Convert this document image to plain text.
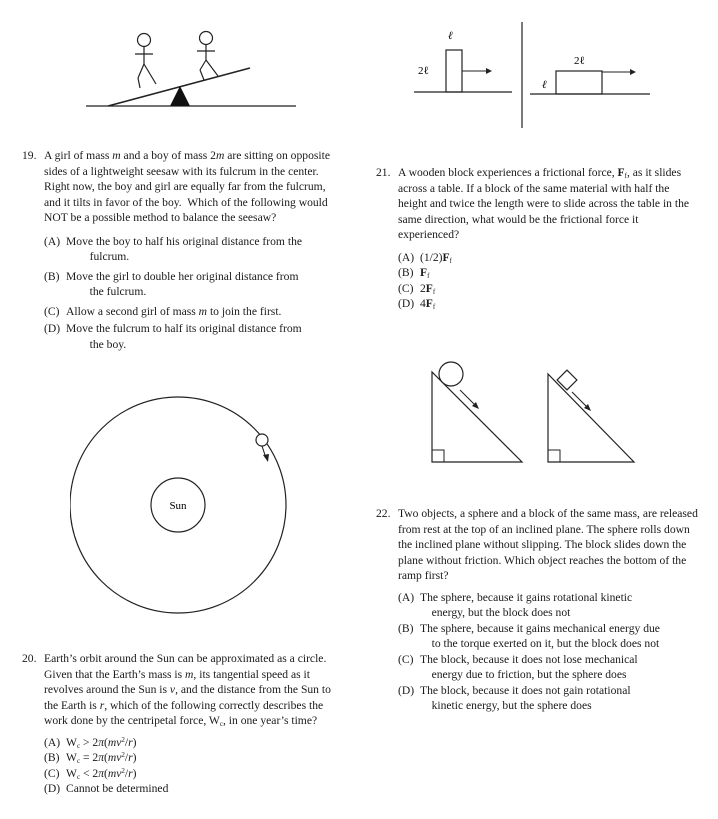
ℓ
2ℓ
2ℓ
ℓ
19. A girl of mass m and a boy of mass 2m are sitting on opposite sides of a lightweight seesaw with its fulcrum in the center.  Right now, the boy and girl are equally far from the fulcrum, and it tilts in favor of the boy.  Which of the following would NOT be a possible method to balance the seesaw?
(A) Move the boy to half his original distance from the
fulcrum.
(B) Move the girl to double her original distance from
the fulcrum.
(C) Allow a second girl of mass m to join the first.
(D) Move the fulcrum to half its original distance from
the boy.
Sun
20. Earth’s orbit around the Sun can be approximated as a circle. Given that the Earth’s mass is m, its tangential speed as it revolves around the Sun is v, and the distance from the Sun to the Earth is r, which of the following correctly describes the work done by the centripetal force, $W_c$, in one year’s time?
(A) $W_c > 2\pi(mv^2/r)$
(B) $W_c = 2\pi(mv^2/r)$
(C) $W_c < 2\pi(mv^2/r)$
(D) Cannot be determined
21. A wooden block experiences a frictional force, $F_f$, as it slides across a table. If a block of the same material with half the height and twice the length were to slide across the table in the same direction, what would be the frictional force it experienced?
(A) $(1/2)F_f$
(B) $F_f$
(C) $2F_f$
(D) $4F_f$
22. Two objects, a sphere and a block of the same mass, are released from rest at the top of an inclined plane. The sphere rolls down the inclined plane without slipping. The block slides down the plane without friction. Which object reaches the bottom of the ramp first?
(A) The sphere, because it gains rotational kinetic
energy, but the block does not
(B) The sphere, because it gains mechanical energy due
to the torque exerted on it, but the block does not
(C) The block, because it does not lose mechanical
energy due to friction, but the sphere does
(D) The block, because it does not gain rotational
kinetic energy, but the sphere does
